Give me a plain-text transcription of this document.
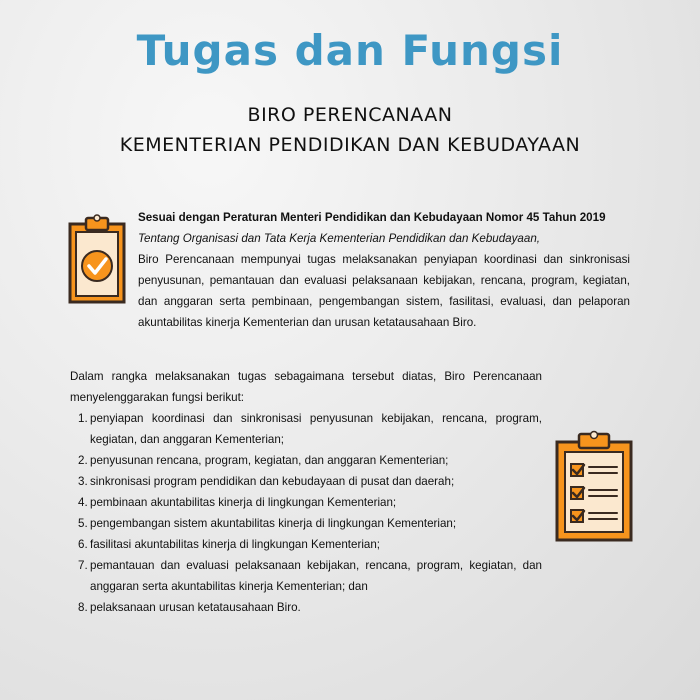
Tugas dan Fungsi
BIRO PERENCANAAN
KEMENTERIAN PENDIDIKAN DAN KEBUDAYAAN

Sesuai dengan Peraturan Menteri Pendidikan dan Kebudayaan Nomor 45 Tahun 2019

Tentang Organisasi dan Tata Kerja Kementerian Pendidikan dan Kebudayaan,

Biro Perencanaan mempunyai tugas melaksanakan penyiapan koordinasi dan sinkronisasi penyusunan, pemantauan dan evaluasi pelaksanaan kebijakan, rencana, program, kegiatan, dan anggaran serta pembinaan, pengembangan sistem, fasilitasi, evaluasi, dan pelaporan akuntabilitas kinerja Kementerian dan urusan ketatausahaan Biro.

Dalam rangka melaksanakan tugas sebagaimana tersebut diatas, Biro Perencanaan menyelenggarakan fungsi berikut:

1. penyiapan koordinasi dan sinkronisasi penyusunan kebijakan, rencana, program, kegiatan, dan anggaran Kementerian;
2. penyusunan rencana, program, kegiatan, dan anggaran Kementerian;
3. sinkronisasi program pendidikan dan kebudayaan di pusat dan daerah;
4. pembinaan akuntabilitas kinerja di lingkungan Kementerian;
5. pengembangan sistem akuntabilitas kinerja di lingkungan Kementerian;
6. fasilitasi akuntabilitas kinerja di lingkungan Kementerian;
7. pemantauan dan evaluasi pelaksanaan kebijakan, rencana, program, kegiatan, dan anggaran serta akuntabilitas kinerja Kementerian; dan
8. pelaksanaan urusan ketatausahaan Biro.
